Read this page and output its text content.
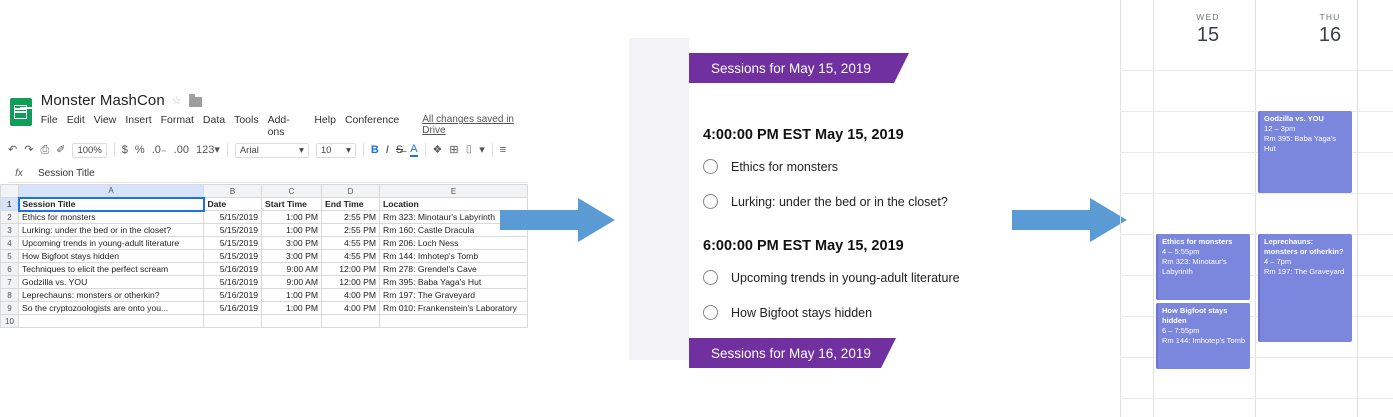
Monster MashCon ☆
File Edit View Insert Format Data Tools Add-ons
Help Conference All changes saved in Drive
↶ ↷ ⎙ ✐	100%	$ % .0₋ .00 123▾ Arial	▾ 10 ▾ B I S̶ A ❖ ⊞ ⌷ ▾ ≡
fx	Session Title
	A	B	C	D	E
1	Session Title	Date	Start Time	End Time	Location
2	Ethics for monsters	5/15/2019	1:00 PM	2:55 PM	Rm 323: Minotaur's Labyrinth
3	Lurking: under the bed or in the closet?	5/15/2019	1:00 PM	2:55 PM	Rm 160: Castle Dracula
4	Upcoming trends in young-adult literature	5/15/2019	3:00 PM	4:55 PM	Rm 206: Loch Ness
5	How Bigfoot stays hidden	5/15/2019	3:00 PM	4:55 PM	Rm 144: Imhotep's Tomb
6	Techniques to elicit the perfect scream	5/16/2019	9:00 AM	12:00 PM	Rm 278: Grendel's Cave
7	Godzilla vs. YOU	5/16/2019	9:00 AM	12:00 PM	Rm 395: Baba Yaga's Hut
8	Leprechauns: monsters or otherkin?	5/16/2019	1:00 PM	4:00 PM	Rm 197: The Graveyard
9	So the cryptozoologists are onto you...	5/16/2019	1:00 PM	4:00 PM	Rm 010: Frankenstein's Laboratory
10					
Sessions for May 15, 2019
4:00:00 PM EST May 15, 2019
Ethics for monsters
Lurking: under the bed or in the closet?
6:00:00 PM EST May 15, 2019
Upcoming trends in young-adult literature
How Bigfoot stays hidden
Sessions for May 16, 2019
WED
15
THU
16
Godzilla vs. YOU
12 – 3pm
Rm 395: Baba Yaga's Hut
Ethics for monsters
4 – 5:55pm
Rm 323: Minotaur's Labyrinth
Leprechauns: monsters or otherkin?
4 – 7pm
Rm 197: The Graveyard
How Bigfoot stays hidden
6 – 7:55pm
Rm 144: Imhotep's Tomb
